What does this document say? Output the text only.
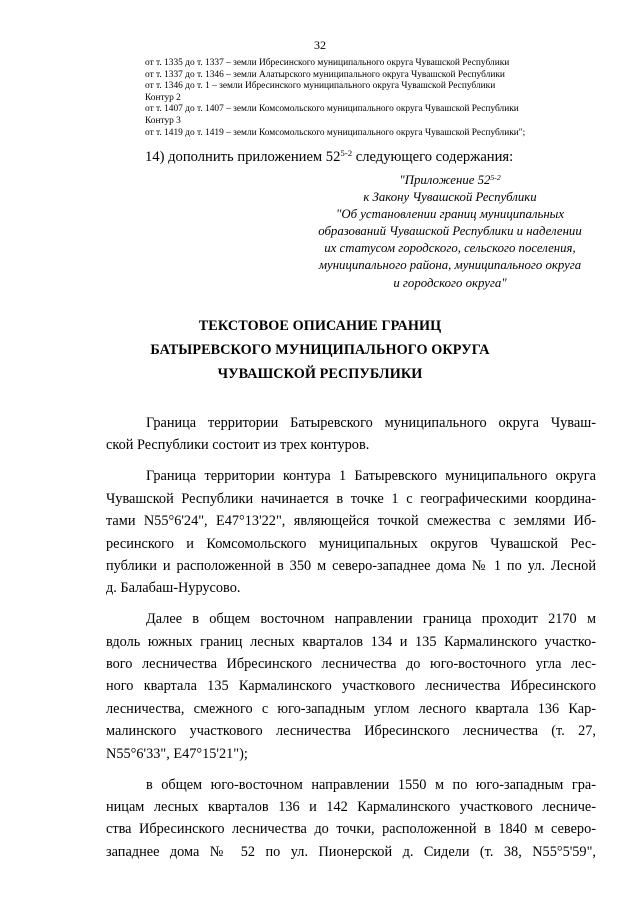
32
от т. 1335 до т. 1337 – земли Ибресинского муниципального округа Чувашской Республики
от т. 1337 до т. 1346 – земли Алатырского муниципального округа Чувашской Республики
от т. 1346 до т. 1 – земли Ибресинского муниципального округа Чувашской Республики
Контур 2
от т. 1407 до т. 1407 – земли Комсомольского муниципального округа Чувашской Республики
Контур 3
от т. 1419 до т. 1419 – земли Комсомольского муниципального округа Чувашской Республики";
14) дополнить приложением 52$^{5-2}$ следующего содержания:
"Приложение 52$^{5-2}$
к Закону Чувашской Республики
"Об установлении границ муниципальных
образований Чувашской Республики и наделении
их статусом городского, сельского поселения,
муниципального района, муниципального округа
и городского округа"
ТЕКСТОВОЕ ОПИСАНИЕ ГРАНИЦ
БАТЫРЕВСКОГО МУНИЦИПАЛЬНОГО ОКРУГА
ЧУВАШСКОЙ РЕСПУБЛИКИ
Граница территории Батыревского муниципального округа Чуваш-
ской Республики состоит из трех контуров.
Граница территории контура 1 Батыревского муниципального округа
Чувашской Республики начинается в точке 1 с географическими координа-
тами N55°6'24", E47°13'22", являющейся точкой смежества с землями Иб-
ресинского и Комсомольского муниципальных округов Чувашской Рес-
публики и расположенной в 350 м северо-западнее дома № 1 по ул. Лесной
д. Балабаш-Нурусово.
Далее в общем восточном направлении граница проходит 2170 м
вдоль южных границ лесных кварталов 134 и 135 Кармалинского участко-
вого лесничества Ибресинского лесничества до юго-восточного угла лес-
ного квартала 135 Кармалинского участкового лесничества Ибресинского
лесничества, смежного с юго-западным углом лесного квартала 136 Кар-
малинского участкового лесничества Ибресинского лесничества (т. 27,
N55°6'33", E47°15'21");
в общем юго-восточном направлении 1550 м по юго-западным гра-
ницам лесных кварталов 136 и 142 Кармалинского участкового лесниче-
ства Ибресинского лесничества до точки, расположенной в 1840 м северо-
западнее дома № 52 по ул. Пионерской д. Сидели (т. 38, N55°5'59",
